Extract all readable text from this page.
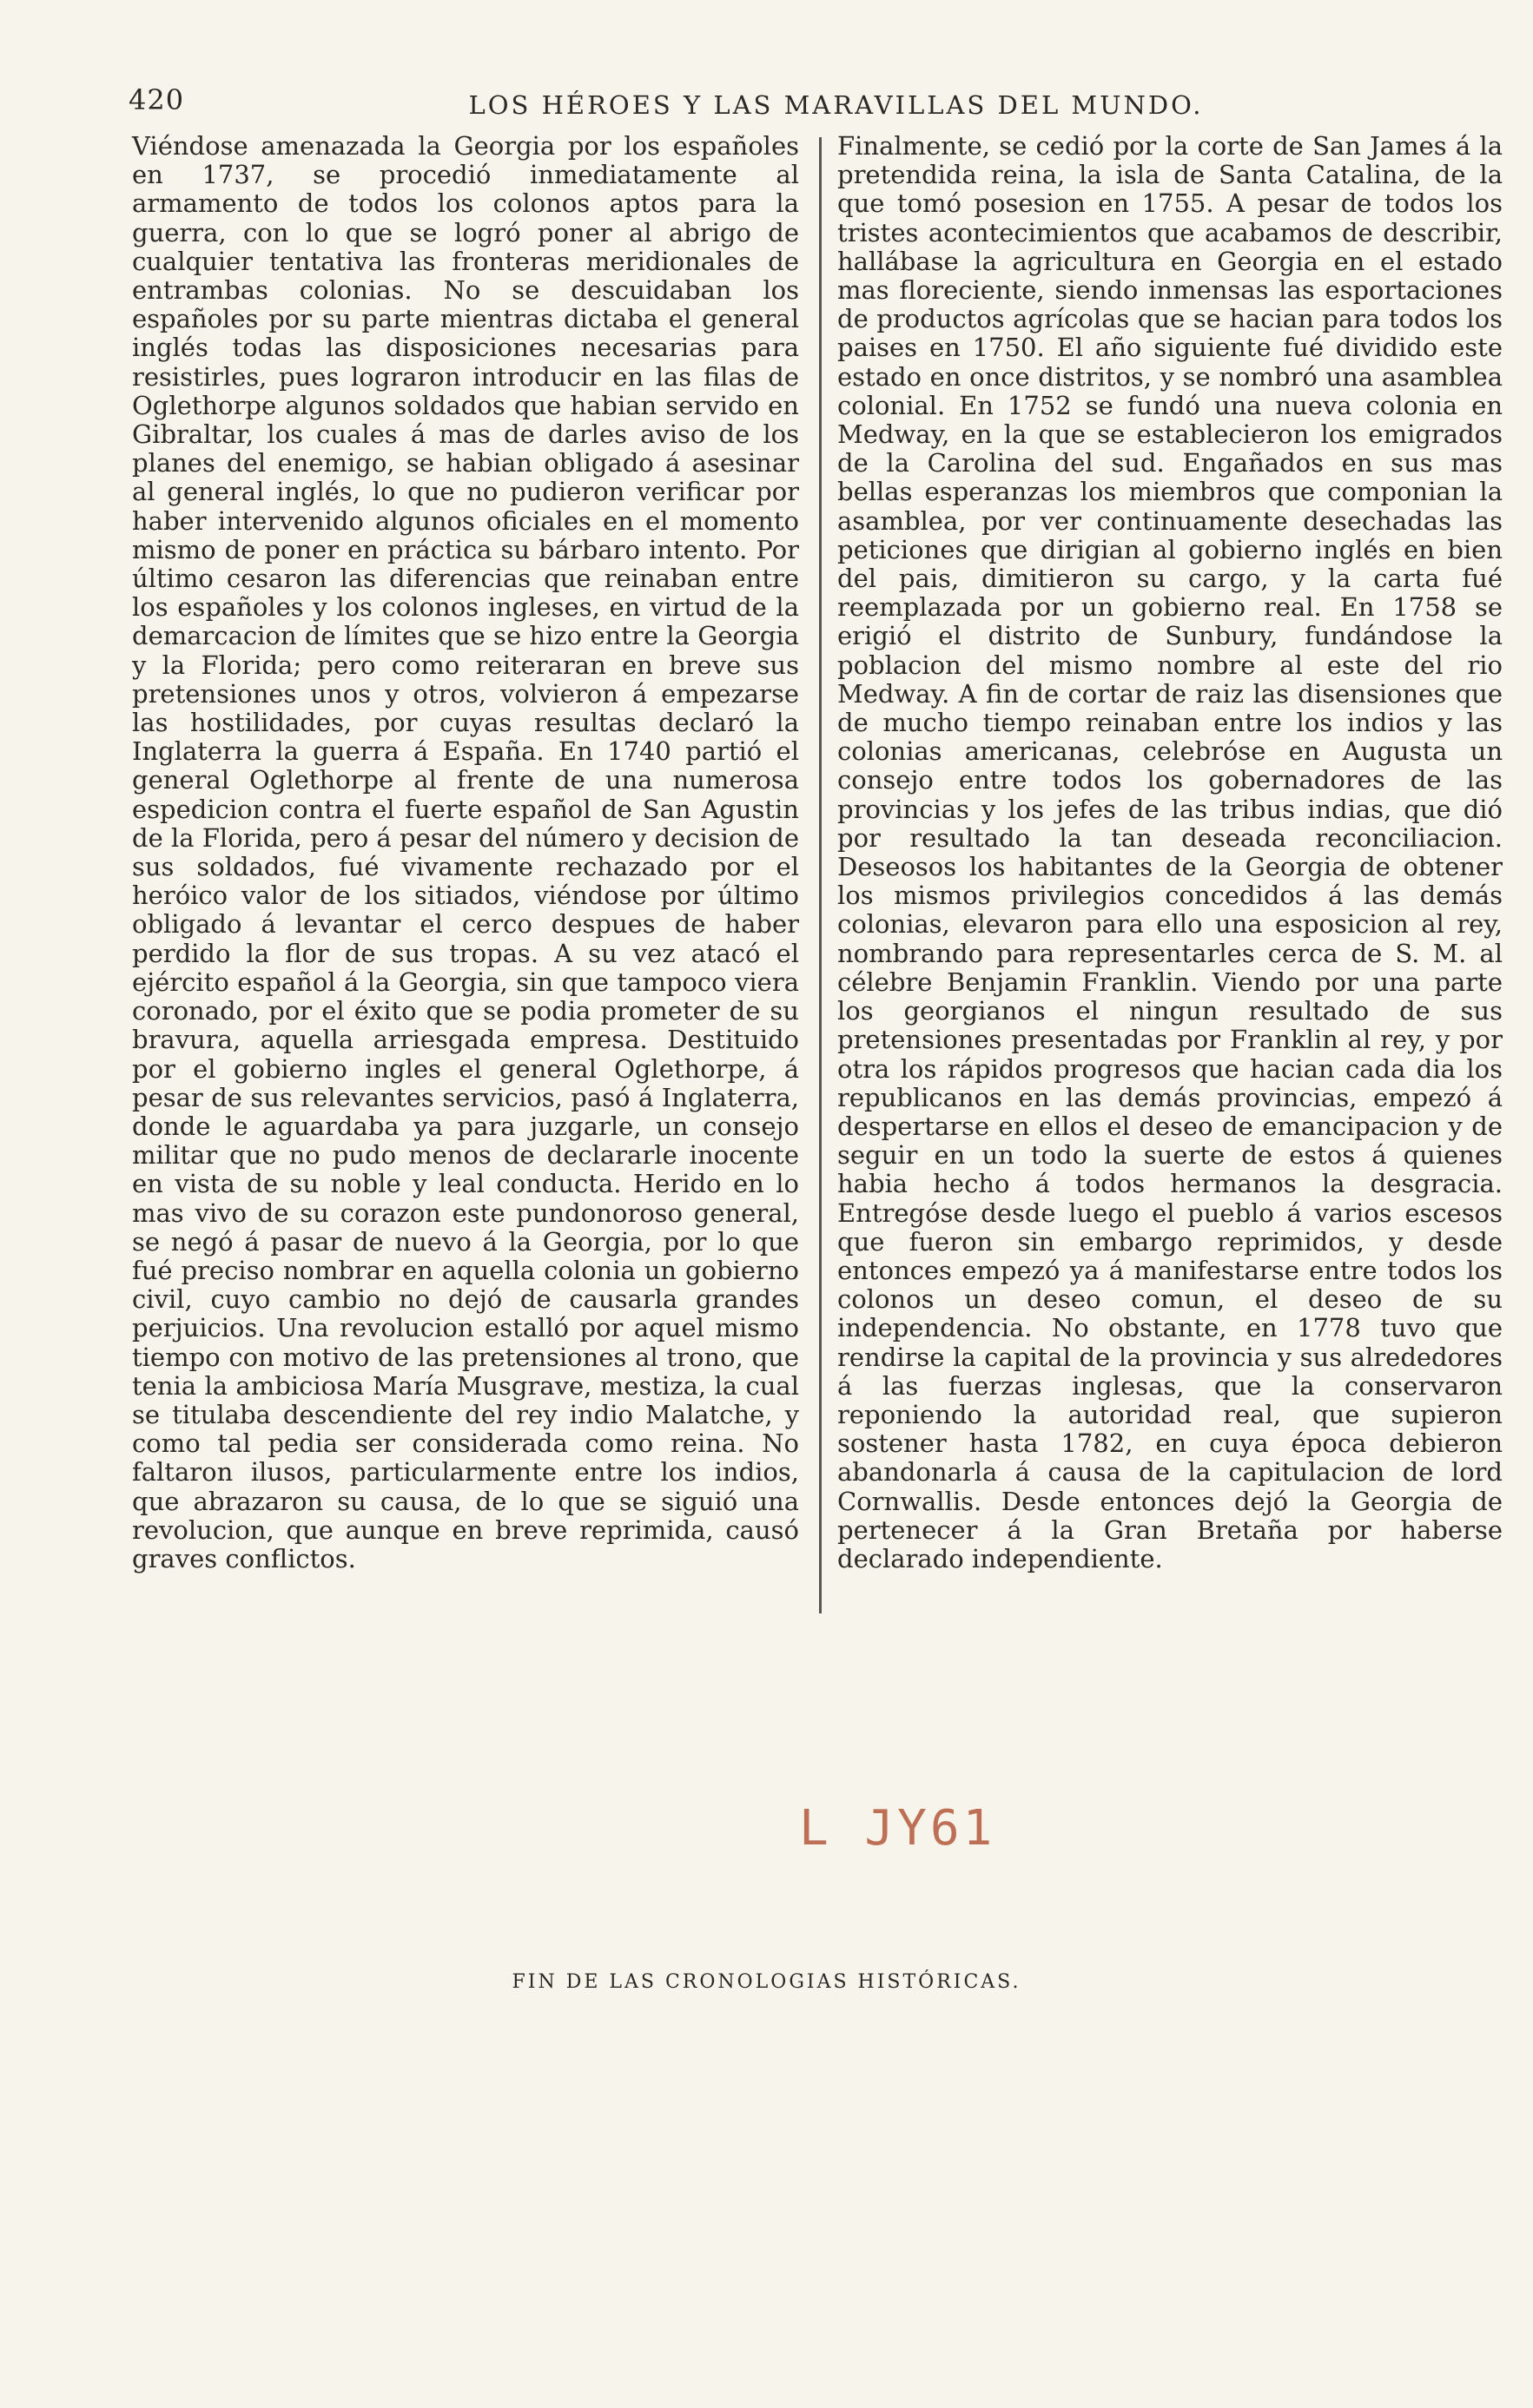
420	LOS HÉROES Y LAS MARAVILLAS DEL MUNDO.

Viéndose amenazada la Georgia por los españoles en 1737, se procedió inmediatamente al armamento de todos los colonos aptos para la guerra, con lo que se logró poner al abrigo de cualquier tentativa las fronteras meridionales de entrambas colonias. No se descuidaban los españoles por su parte mientras dictaba el general inglés todas las disposiciones necesarias para resistirles, pues lograron introducir en las filas de Oglethorpe algunos soldados que habian servido en Gibraltar, los cuales á mas de darles aviso de los planes del enemigo, se habian obligado á asesinar al general inglés, lo que no pudieron verificar por haber intervenido algunos oficiales en el momento mismo de poner en práctica su bárbaro intento. Por último cesaron las diferencias que reinaban entre los españoles y los colonos ingleses, en virtud de la demarcacion de límites que se hizo entre la Georgia y la Florida; pero como reiteraran en breve sus pretensiones unos y otros, volvieron á empezarse las hostilidades, por cuyas resultas declaró la Inglaterra la guerra á España. En 1740 partió el general Oglethorpe al frente de una numerosa espedicion contra el fuerte español de San Agustin de la Florida, pero á pesar del número y decision de sus soldados, fué vivamente rechazado por el heróico valor de los sitiados, viéndose por último obligado á levantar el cerco despues de haber perdido la flor de sus tropas. A su vez atacó el ejército español á la Georgia, sin que tampoco viera coronado, por el éxito que se podia prometer de su bravura, aquella arriesgada empresa. Destituido por el gobierno ingles el general Oglethorpe, á pesar de sus relevantes servicios, pasó á Inglaterra, donde le aguardaba ya para juzgarle, un consejo militar que no pudo menos de declararle inocente en vista de su noble y leal conducta. Herido en lo mas vivo de su corazon este pundonoroso general, se negó á pasar de nuevo á la Georgia, por lo que fué preciso nombrar en aquella colonia un gobierno civil, cuyo cambio no dejó de causarla grandes perjuicios. Una revolucion estalló por aquel mismo tiempo con motivo de las pretensiones al trono, que tenia la ambiciosa María Musgrave, mestiza, la cual se titulaba descendiente del rey indio Malatche, y como tal pedia ser considerada como reina. No faltaron ilusos, particularmente entre los indios, que abrazaron su causa, de lo que se siguió una revolucion, que aunque en breve reprimida, causó graves conflictos.

Finalmente, se cedió por la corte de San James á la pretendida reina, la isla de Santa Catalina, de la que tomó posesion en 1755. A pesar de todos los tristes acontecimientos que acabamos de describir, hallábase la agricultura en Georgia en el estado mas floreciente, siendo inmensas las esportaciones de productos agrícolas que se hacian para todos los paises en 1750. El año siguiente fué dividido este estado en once distritos, y se nombró una asamblea colonial. En 1752 se fundó una nueva colonia en Medway, en la que se establecieron los emigrados de la Carolina del sud. Engañados en sus mas bellas esperanzas los miembros que componian la asamblea, por ver continuamente desechadas las peticiones que dirigian al gobierno inglés en bien del pais, dimitieron su cargo, y la carta fué reemplazada por un gobierno real. En 1758 se erigió el distrito de Sunbury, fundándose la poblacion del mismo nombre al este del rio Medway. A fin de cortar de raiz las disensiones que de mucho tiempo reinaban entre los indios y las colonias americanas, celebróse en Augusta un consejo entre todos los gobernadores de las provincias y los jefes de las tribus indias, que dió por resultado la tan deseada reconciliacion. Deseosos los habitantes de la Georgia de obtener los mismos privilegios concedidos á las demás colonias, elevaron para ello una esposicion al rey, nombrando para representarles cerca de S. M. al célebre Benjamin Franklin. Viendo por una parte los georgianos el ningun resultado de sus pretensiones presentadas por Franklin al rey, y por otra los rápidos progresos que hacian cada dia los republicanos en las demás provincias, empezó á despertarse en ellos el deseo de emancipacion y de seguir en un todo la suerte de estos á quienes habia hecho á todos hermanos la desgracia. Entregóse desde luego el pueblo á varios escesos que fueron sin embargo reprimidos, y desde entonces empezó ya á manifestarse entre todos los colonos un deseo comun, el deseo de su independencia. No obstante, en 1778 tuvo que rendirse la capital de la provincia y sus alrededores á las fuerzas inglesas, que la conservaron reponiendo la autoridad real, que supieron sostener hasta 1782, en cuya época debieron abandonarla á causa de la capitulacion de lord Cornwallis. Desde entonces dejó la Georgia de pertenecer á la Gran Bretaña por haberse declarado independiente.

L JY61
FIN DE LAS CRONOLOGIAS HISTÓRICAS.
